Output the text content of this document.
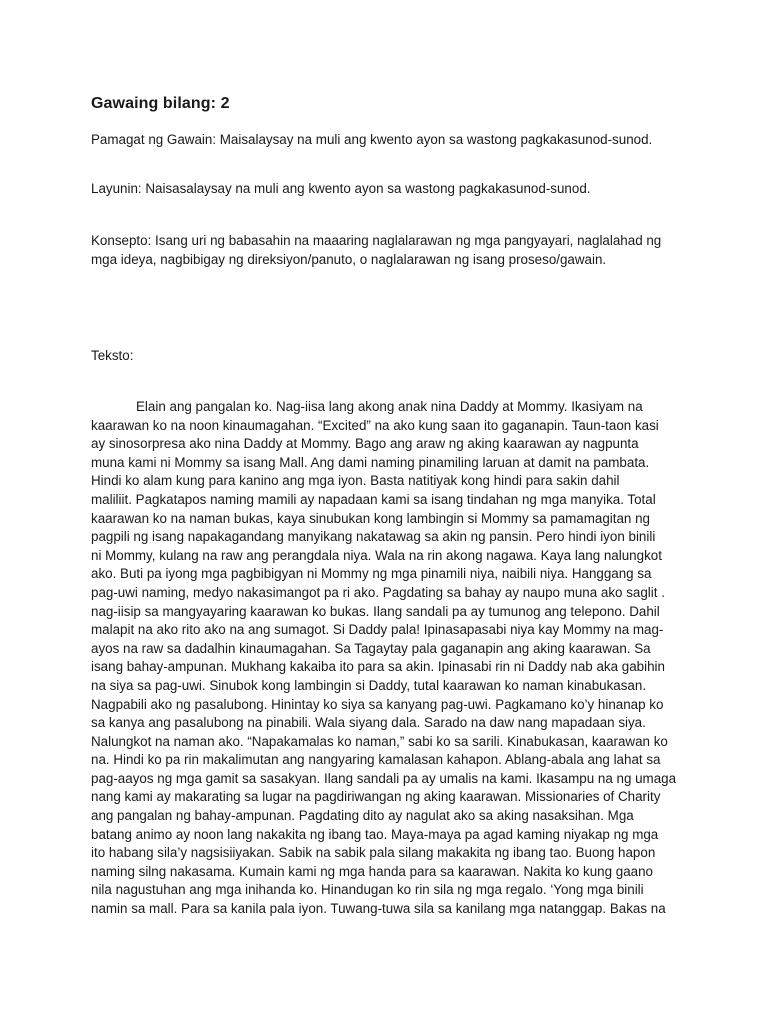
Gawaing bilang: 2
Pamagat ng Gawain: Maisalaysay na muli ang kwento ayon sa wastong pagkakasunod-sunod.
Layunin: Naisasalaysay na muli ang kwento ayon sa wastong pagkakasunod-sunod.
Konsepto: Isang uri ng babasahin na maaaring naglalarawan ng mga pangyayari, naglalahad ng
mga ideya, nagbibigay ng direksiyon/panuto, o naglalarawan ng isang proseso/gawain.
Teksto:
Elain ang pangalan ko. Nag-iisa lang akong anak nina Daddy at Mommy. Ikasiyam na
kaarawan ko na noon kinaumagahan. “Excited” na ako kung saan ito gaganapin. Taun-taon kasi
ay sinosorpresa ako nina Daddy at Mommy. Bago ang araw ng aking kaarawan ay nagpunta
muna kami ni Mommy sa isang Mall. Ang dami naming pinamiling laruan at damit na pambata.
Hindi ko alam kung para kanino ang mga iyon. Basta natitiyak kong hindi para sakin dahil
maliliit. Pagkatapos naming mamili ay napadaan kami sa isang tindahan ng mga manyika. Total
kaarawan ko na naman bukas, kaya sinubukan kong lambingin si Mommy sa pamamagitan ng
pagpili ng isang napakagandang manyikang nakatawag sa akin ng pansin. Pero hindi iyon binili
ni Mommy, kulang na raw ang perangdala niya. Wala na rin akong nagawa. Kaya lang nalungkot
ako. Buti pa iyong mga pagbibigyan ni Mommy ng mga pinamili niya, naibili niya. Hanggang sa
pag-uwi naming, medyo nakasimangot pa ri ako. Pagdating sa bahay ay naupo muna ako saglit .
nag-iisip sa mangyayaring kaarawan ko bukas. Ilang sandali pa ay tumunog ang telepono. Dahil
malapit na ako rito ako na ang sumagot. Si Daddy pala! Ipinasapasabi niya kay Mommy na mag-
ayos na raw sa dadalhin kinaumagahan. Sa Tagaytay pala gaganapin ang aking kaarawan. Sa
isang bahay-ampunan. Mukhang kakaiba ito para sa akin. Ipinasabi rin ni Daddy nab aka gabihin
na siya sa pag-uwi. Sinubok kong lambingin si Daddy, tutal kaarawan ko naman kinabukasan.
Nagpabili ako ng pasalubong. Hinintay ko siya sa kanyang pag-uwi. Pagkamano ko’y hinanap ko
sa kanya ang pasalubong na pinabili. Wala siyang dala. Sarado na daw nang mapadaan siya.
Nalungkot na naman ako. “Napakamalas ko naman,” sabi ko sa sarili. Kinabukasan, kaarawan ko
na. Hindi ko pa rin makalimutan ang nangyaring kamalasan kahapon. Ablang-abala ang lahat sa
pag-aayos ng mga gamit sa sasakyan. Ilang sandali pa ay umalis na kami. Ikasampu na ng umaga
nang kami ay makarating sa lugar na pagdiriwangan ng aking kaarawan. Missionaries of Charity
ang pangalan ng bahay-ampunan. Pagdating dito ay nagulat ako sa aking nasaksihan. Mga
batang animo ay noon lang nakakita ng ibang tao. Maya-maya pa agad kaming niyakap ng mga
ito habang sila’y nagsisiiyakan. Sabik na sabik pala silang makakita ng ibang tao. Buong hapon
naming silng nakasama. Kumain kami ng mga handa para sa kaarawan. Nakita ko kung gaano
nila nagustuhan ang mga inihanda ko. Hinandugan ko rin sila ng mga regalo. ‘Yong mga binili
namin sa mall. Para sa kanila pala iyon. Tuwang-tuwa sila sa kanilang mga natanggap. Bakas na
